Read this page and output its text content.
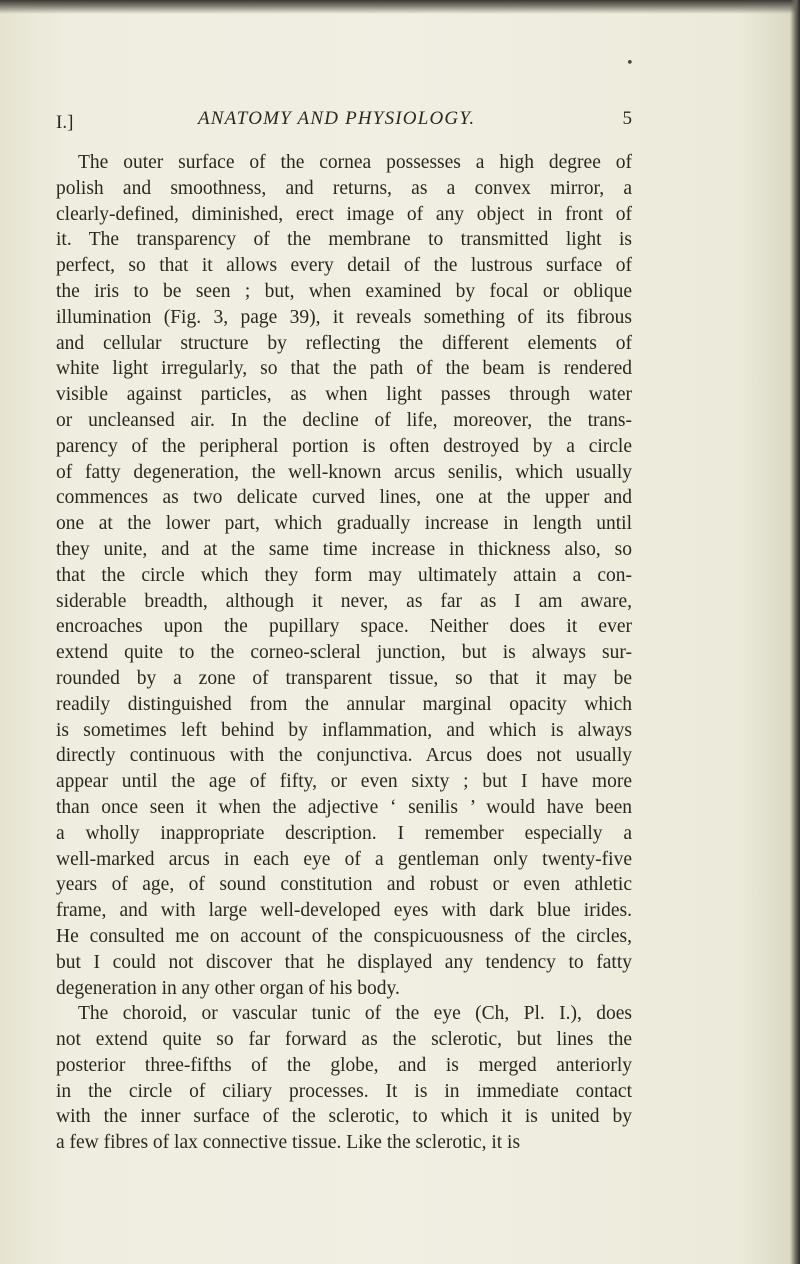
•
I.]	ANATOMY AND PHYSIOLOGY.	5
The outer surface of the cornea possesses a high degree of
polish and smoothness, and returns, as a convex mirror, a
clearly-defined, diminished, erect image of any object in front of
it. The transparency of the membrane to transmitted light is
perfect, so that it allows every detail of the lustrous surface of
the iris to be seen ; but, when examined by focal or oblique
illumination (Fig. 3, page 39), it reveals something of its fibrous
and cellular structure by reflecting the different elements of
white light irregularly, so that the path of the beam is rendered
visible against particles, as when light passes through water
or uncleansed air. In the decline of life, moreover, the trans-
parency of the peripheral portion is often destroyed by a circle
of fatty degeneration, the well-known arcus senilis, which usually
commences as two delicate curved lines, one at the upper and
one at the lower part, which gradually increase in length until
they unite, and at the same time increase in thickness also, so
that the circle which they form may ultimately attain a con-
siderable breadth, although it never, as far as I am aware,
encroaches upon the pupillary space. Neither does it ever
extend quite to the corneo-scleral junction, but is always sur-
rounded by a zone of transparent tissue, so that it may be
readily distinguished from the annular marginal opacity which
is sometimes left behind by inflammation, and which is always
directly continuous with the conjunctiva. Arcus does not usually
appear until the age of fifty, or even sixty ; but I have more
than once seen it when the adjective ‘ senilis ’ would have been
a wholly inappropriate description. I remember especially a
well-marked arcus in each eye of a gentleman only twenty-five
years of age, of sound constitution and robust or even athletic
frame, and with large well-developed eyes with dark blue irides.
He consulted me on account of the conspicuousness of the circles,
but I could not discover that he displayed any tendency to fatty
degeneration in any other organ of his body.
The choroid, or vascular tunic of the eye (Ch, Pl. I.), does
not extend quite so far forward as the sclerotic, but lines the
posterior three-fifths of the globe, and is merged anteriorly
in the circle of ciliary processes. It is in immediate contact
with the inner surface of the sclerotic, to which it is united by
a few fibres of lax connective tissue. Like the sclerotic, it is
